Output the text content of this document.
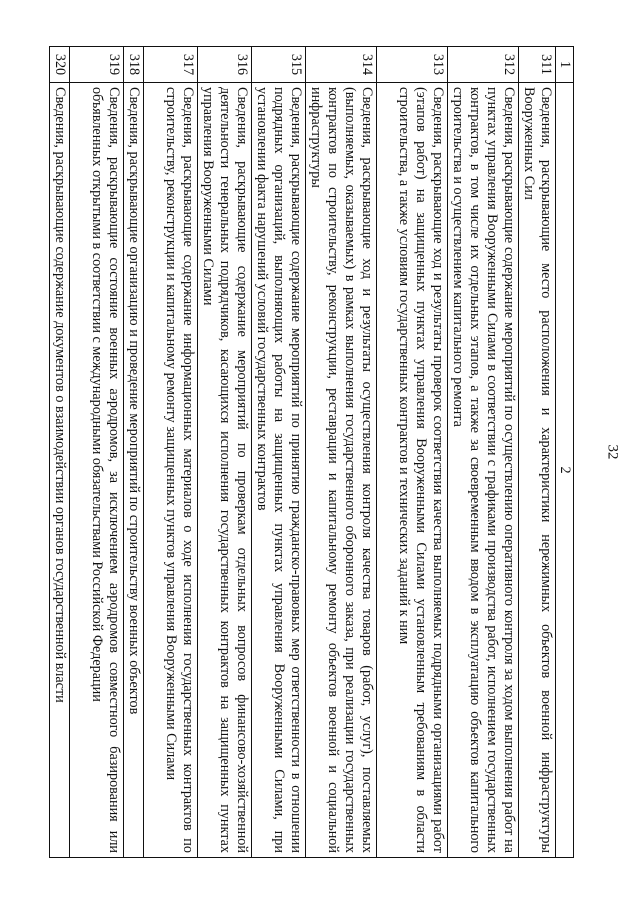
32
1	2
311	Сведения, раскрывающие место расположения и характеристики нережимных объектов военной инфраструктуры Вооруженных Сил
312	Сведения, раскрывающие содержание мероприятий по осуществлению оперативного контроля за ходом выполнения работ на пунктах управления Вооруженными Силами в соответствии с графиками производства работ, исполнением государственных контрактов, в том числе их отдельных этапов, а также за своевременным вводом в эксплуатацию объектов капитального строительства и осуществлением капитального ремонта
313	Сведения, раскрывающие ход и результаты проверок соответствия качества выполняемых подрядными организациями работ (этапов работ) на защищенных пунктах управления Вооруженными Силами установленным требованиям в области строительства, а также условиям государственных контрактов и технических заданий к ним
314	Сведения, раскрывающие ход и результаты осуществления контроля качества товаров (работ, услуг), поставляемых (выполняемых, оказываемых) в рамках выполнения государственного оборонного заказа, при реализации государственных контрактов по строительству, реконструкции, реставрации и капитальному ремонту объектов военной и социальной инфраструктуры
315	Сведения, раскрывающие содержание мероприятий по принятию гражданско-правовых мер ответственности в отношении подрядных организаций, выполняющих работы на защищенных пунктах управления Вооруженными Силами, при установлении факта нарушений условий государственных контрактов
316	Сведения, раскрывающие содержание мероприятий по проверкам отдельных вопросов финансово-хозяйственной деятельности генеральных подрядчиков, касающихся исполнения государственных контрактов на защищенных пунктах управления Вооруженными Силами
317	Сведения, раскрывающие содержание информационных материалов о ходе исполнения государственных контрактов по строительству, реконструкции и капитальному ремонту защищенных пунктов управления Вооруженными Силами
318	Сведения, раскрывающие организацию и проведение мероприятий по строительству военных объектов
319	Сведения, раскрывающие состояние военных аэродромов, за исключением аэродромов совместного базирования или объявленных открытыми в соответствии с международными обязательствами Российской Федерации
320	Сведения, раскрывающие содержание документов о взаимодействии органов государственной власти
